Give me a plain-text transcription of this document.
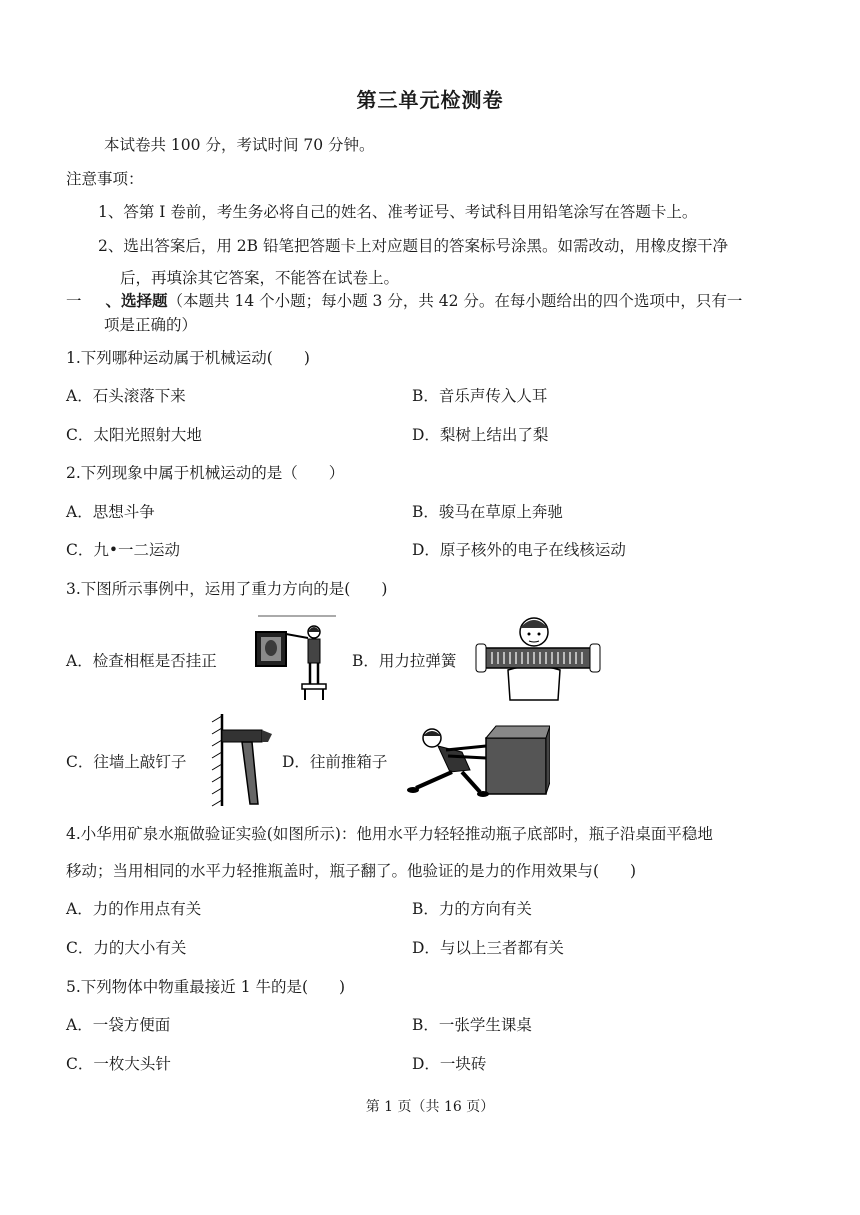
第三单元检测卷
本试卷共 100 分，考试时间 70 分钟。
注意事项：
1、答第 I 卷前，考生务必将自己的姓名、准考证号、考试科目用铅笔涂写在答题卡上。
2、选出答案后，用 2B 铅笔把答题卡上对应题目的答案标号涂黑。如需改动，用橡皮擦干净
后，再填涂其它答案，不能答在试卷上。
一 、选择题（本题共 14 个小题；每小题 3 分，共 42 分。在每小题给出的四个选项中，只有一
项是正确的）
1.下列哪种运动属于机械运动(　　)
A．石头滚落下来	B．音乐声传入人耳
C．太阳光照射大地	D．梨树上结出了梨
2.下列现象中属于机械运动的是（　　）
A．思想斗争	B．骏马在草原上奔驰
C．九•一二运动	D．原子核外的电子在线核运动
3.下图所示事例中，运用了重力方向的是(　　)
A．检查相框是否挂正	B．用力拉弹簧
C．往墙上敲钉子	D．往前推箱子
4.小华用矿泉水瓶做验证实验(如图所示)：他用水平力轻轻推动瓶子底部时，瓶子沿桌面平稳地
移动；当用相同的水平力轻推瓶盖时，瓶子翻了。他验证的是力的作用效果与(　　)
A．力的作用点有关	B．力的方向有关
C．力的大小有关	D．与以上三者都有关
5.下列物体中物重最接近 1 牛的是(　　)
A．一袋方便面	B．一张学生课桌
C．一枚大头针	D．一块砖
第 1 页（共 16 页）
